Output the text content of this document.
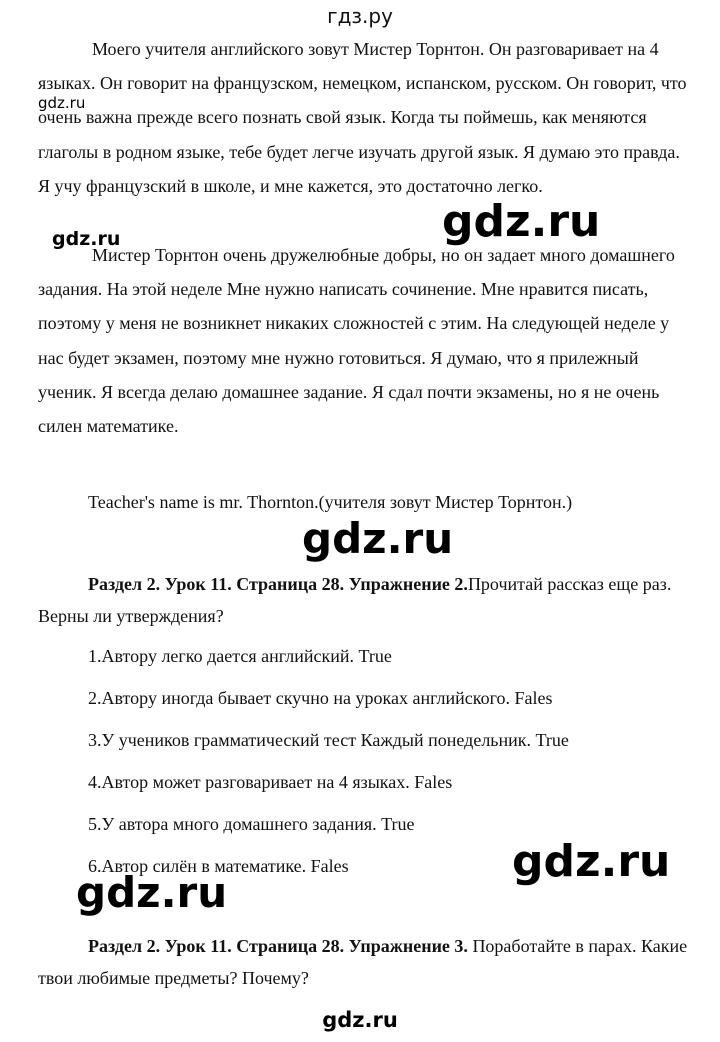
гдз.ру

Моего учителя английского зовут Мистер Торнтон. Он разговаривает на 4 языках. Он говорит на французском, немецком, испанском, русском. Он говорит, что очень важна прежде всего познать свой язык. Когда ты поймешь, как меняются глаголы в родном языке, тебе будет легче изучать другой язык. Я думаю это правда. Я учу французский в школе, и мне кажется, это достаточно легко.

Мистер Торнтон очень дружелюбные добры, но он задает много домашнего задания. На этой неделе Мне нужно написать сочинение. Мне нравится писать, поэтому у меня не возникнет никаких сложностей с этим. На следующей неделе у нас будет экзамен, поэтому мне нужно готовиться. Я думаю, что я прилежный ученик. Я всегда делаю домашнее задание. Я сдал почти экзамены, но я не очень силен математике.

Teacher's name is mr. Thornton.(учителя зовут Мистер Торнтон.)

Раздел 2. Урок 11. Страница 28. Упражнение 2.Прочитай рассказ еще раз. Верны ли утверждения?

1.Автору легко дается английский. True
2.Автору иногда бывает скучно на уроках английского. Fales
3.У учеников грамматический тест Каждый понедельник. True
4.Автор может разговаривает на 4 языках. Fales
5.У автора много домашнего задания. True
6.Автор силён в математике. Fales

Раздел 2. Урок 11. Страница 28. Упражнение 3. Поработайте в парах. Какие твои любимые предметы? Почему?

gdz.ru
gdz.ru
gdz.ru
gdz.ru
gdz.ru
gdz.ru
gdz.ru
